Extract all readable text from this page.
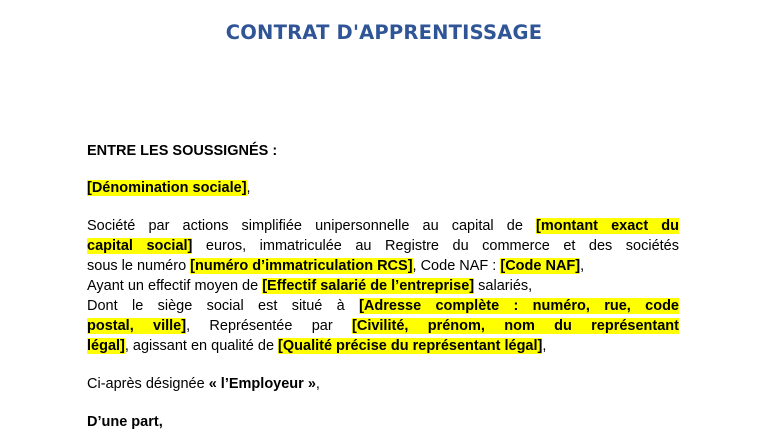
CONTRAT D'APPRENTISSAGE
ENTRE LES SOUSSIGNÉS :
[Dénomination sociale],
Société par actions simplifiée unipersonnelle au capital de [montant exact du
capital social] euros, immatriculée au Registre du commerce et des sociétés
sous le numéro [numéro d’immatriculation RCS], Code NAF : [Code NAF],
Ayant un effectif moyen de [Effectif salarié de l’entreprise] salariés,
Dont le siège social est situé à [Adresse complète : numéro, rue, code
postal, ville], Représentée par [Civilité, prénom, nom du représentant
légal], agissant en qualité de [Qualité précise du représentant légal],
Ci-après désignée « l’Employeur »,
D’une part,
